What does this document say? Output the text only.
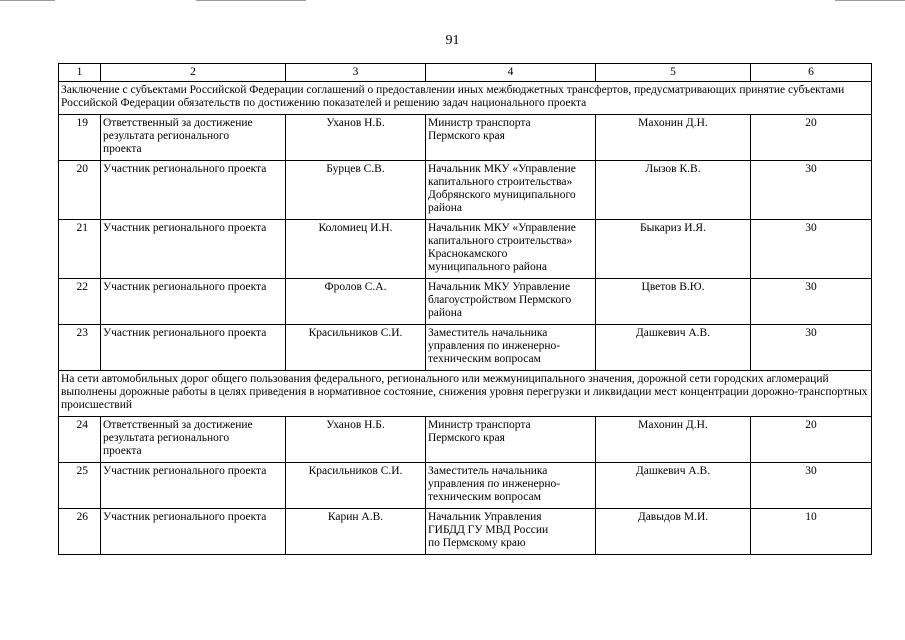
91
1	2	3	4	5	6
Заключение с субъектами Российской Федерации соглашений о предоставлении иных межбюджетных трансфертов, предусматривающих принятие субъектами Российской Федерации обязательств по достижению показателей и решению задач национального проекта					
19	Ответственный за достижение
результата регионального
проекта	Уханов Н.Б.	Министр транспорта
Пермского края	Махонин Д.Н.	20
20	Участник регионального проекта	Бурцев С.В.	Начальник МКУ «Управление
капитального строительства»
Добрянского муниципального
района	Лызов К.В.	30
21	Участник регионального проекта	Коломиец И.Н.	Начальник МКУ «Управление
капитального строительства»
Краснокамского
муниципального района	Быкариз И.Я.	30
22	Участник регионального проекта	Фролов С.А.	Начальник МКУ Управление
благоустройством Пермского
района	Цветов В.Ю.	30
23	Участник регионального проекта	Красильников С.И.	Заместитель начальника
управления по инженерно-
техническим вопросам	Дашкевич А.В.	30
На сети автомобильных дорог общего пользования федерального, регионального или межмуниципального значения, дорожной сети городских агломераций выполнены дорожные работы в целях приведения в нормативное состояние, снижения уровня перегрузки и ликвидации мест концентрации дорожно-транспортных происшествий					
24	Ответственный за достижение
результата регионального
проекта	Уханов Н.Б.	Министр транспорта
Пермского края	Махонин Д.Н.	20
25	Участник регионального проекта	Красильников С.И.	Заместитель начальника
управления по инженерно-
техническим вопросам	Дашкевич А.В.	30
26	Участник регионального проекта	Карин А.В.	Начальник Управления
ГИБДД ГУ МВД России
по Пермскому краю	Давыдов М.И.	10
